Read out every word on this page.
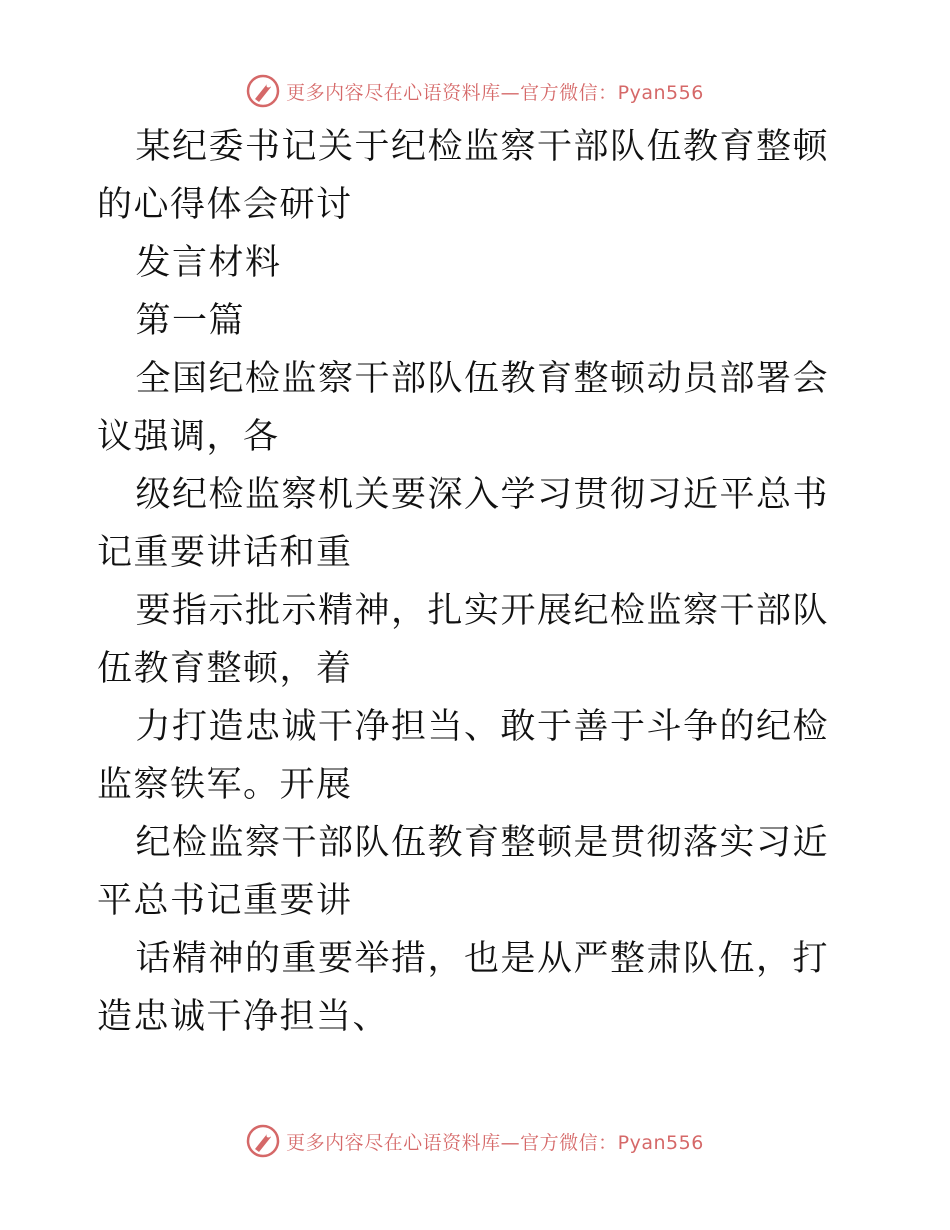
更多内容尽在心语资料库—官方微信：Pyan556

某纪委书记关于纪检监察干部队伍教育整顿的心得体会研讨

发言材料

第一篇

全国纪检监察干部队伍教育整顿动员部署会议强调，各

级纪检监察机关要深入学习贯彻习近平总书记重要讲话和重

要指示批示精神，扎实开展纪检监察干部队伍教育整顿，着

力打造忠诚干净担当、敢于善于斗争的纪检监察铁军。开展

纪检监察干部队伍教育整顿是贯彻落实习近平总书记重要讲

话精神的重要举措，也是从严整肃队伍，打造忠诚干净担当、

更多内容尽在心语资料库—官方微信：Pyan556
